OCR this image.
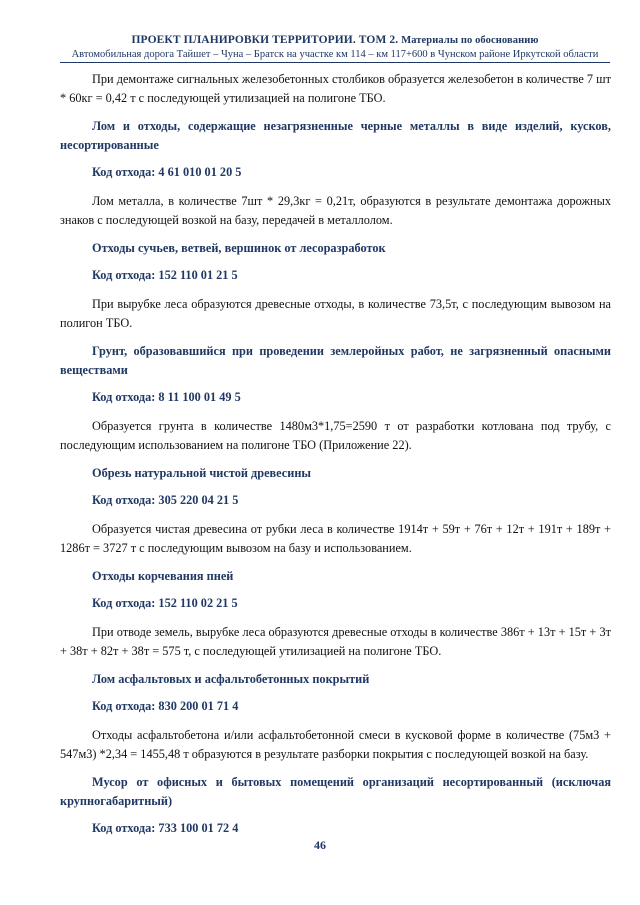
ПРОЕКТ ПЛАНИРОВКИ ТЕРРИТОРИИ. ТОМ 2. Материалы по обоснованию
Автомобильная дорога Тайшет – Чуна – Братск на участке км 114 – км 117+600 в Чунском районе Иркутской области

При демонтаже сигнальных железобетонных столбиков образуется железобетон в количестве 7 шт * 60кг = 0,42 т с последующей утилизацией на полигоне ТБО.

Лом и отходы, содержащие незагрязненные черные металлы в виде изделий, кусков, несортированные

Код отхода: 4 61 010 01 20 5

Лом металла, в количестве 7шт * 29,3кг = 0,21т, образуются в результате демонтажа дорожных знаков с последующей возкой на базу, передачей в металлолом.

Отходы сучьев, ветвей, вершинок от лесоразработок

Код отхода: 152 110 01 21 5

При вырубке леса образуются древесные отходы, в количестве 73,5т, с последующим вывозом на полигон ТБО.

Грунт, образовавшийся при проведении землеройных работ, не загрязненный опасными веществами

Код отхода: 8 11 100 01 49 5

Образуется грунта в количестве 1480м3*1,75=2590 т от разработки котлована под трубу, с последующим использованием на полигоне ТБО (Приложение 22).

Обрезь натуральной чистой древесины

Код отхода: 305 220 04 21 5

Образуется чистая древесина от рубки леса в количестве 1914т + 59т + 76т + 12т + 191т + 189т + 1286т = 3727 т с последующим вывозом на базу и использованием.

Отходы корчевания пней

Код отхода: 152 110 02 21 5

При отводе земель, вырубке леса образуются древесные отходы в количестве 386т + 13т + 15т + 3т + 38т + 82т + 38т = 575 т, с последующей утилизацией на полигоне ТБО.

Лом асфальтовых и асфальтобетонных покрытий

Код отхода: 830 200 01 71 4

Отходы асфальтобетона и/или асфальтобетонной смеси в кусковой форме в количестве (75м3 + 547м3) *2,34 = 1455,48 т образуются в результате разборки покрытия с последующей возкой на базу.

Мусор от офисных и бытовых помещений организаций несортированный (исключая крупногабаритный)

Код отхода: 733 100 01 72 4

46
